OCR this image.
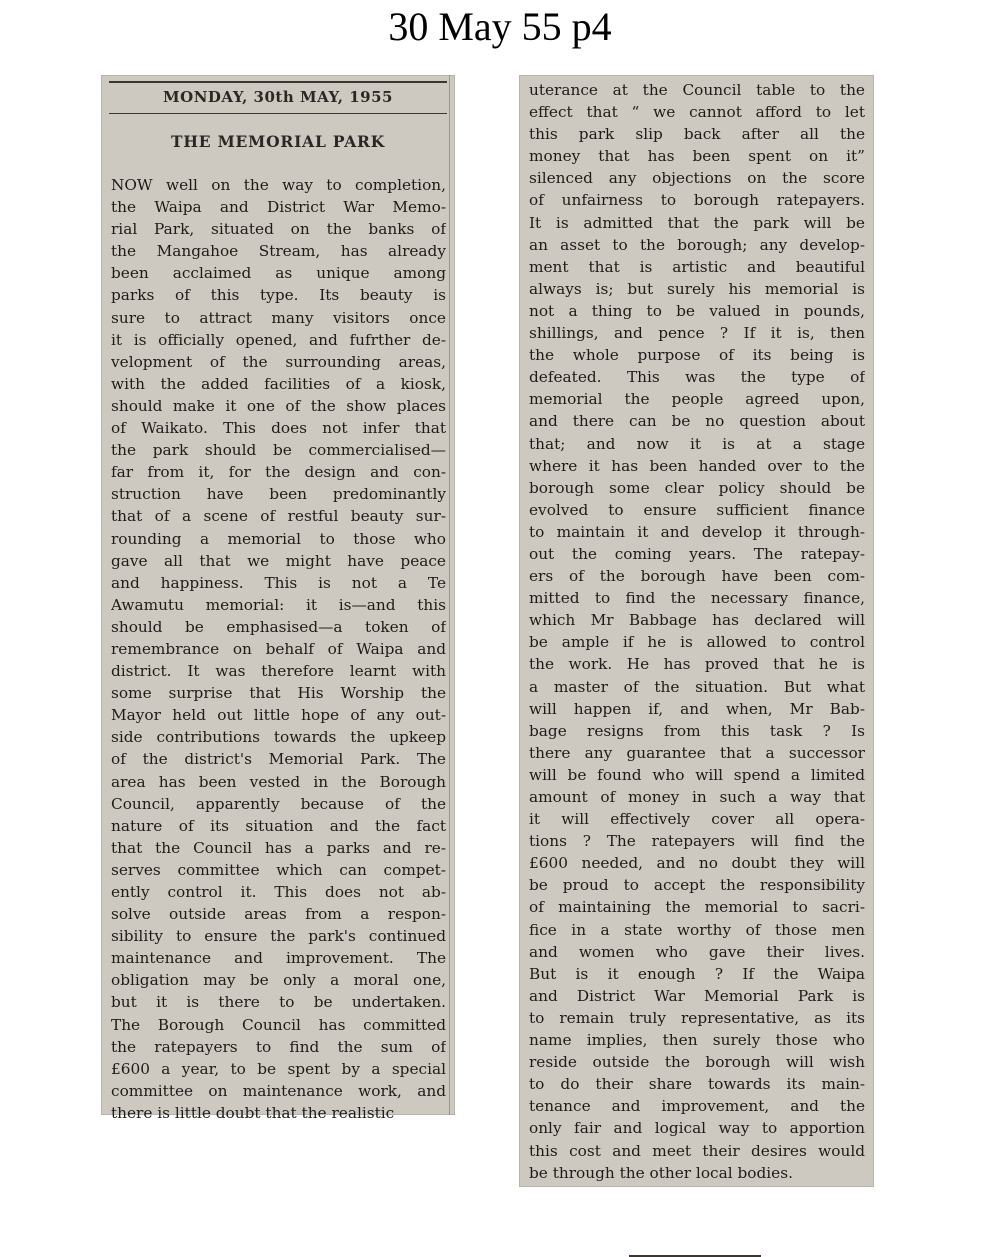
30 May 55 p4
MONDAY, 30th MAY, 1955
THE MEMORIAL PARK
NOW well on the way to completion,
the Waipa and District War Memo-
rial Park, situated on the banks of
the Mangahoe Stream, has already
been acclaimed as unique among
parks of this type. Its beauty is
sure to attract many visitors once
it is officially opened, and fufrther de-
velopment of the surrounding areas,
with the added facilities of a kiosk,
should make it one of the show places
of Waikato. This does not infer that
the park should be commercialised—
far from it, for the design and con-
struction have been predominantly
that of a scene of restful beauty sur-
rounding a memorial to those who
gave all that we might have peace
and happiness. This is not a Te
Awamutu memorial: it is—and this
should be emphasised—a token of
remembrance on behalf of Waipa and
district. It was therefore learnt with
some surprise that His Worship the
Mayor held out little hope of any out-
side contributions towards the upkeep
of the district's Memorial Park. The
area has been vested in the Borough
Council, apparently because of the
nature of its situation and the fact
that the Council has a parks and re-
serves committee which can compet-
ently control it. This does not ab-
solve outside areas from a respon-
sibility to ensure the park's continued
maintenance and improvement. The
obligation may be only a moral one,
but it is there to be undertaken.
The Borough Council has committed
the ratepayers to find the sum of
£600 a year, to be spent by a special
committee on maintenance work, and
there is little doubt that the realistic
uterance at the Council table to the
effect that “ we cannot afford to let
this park slip back after all the
money that has been spent on it”
silenced any objections on the score
of unfairness to borough ratepayers.
It is admitted that the park will be
an asset to the borough; any develop-
ment that is artistic and beautiful
always is; but surely his memorial is
not a thing to be valued in pounds,
shillings, and pence ? If it is, then
the whole purpose of its being is
defeated. This was the type of
memorial the people agreed upon,
and there can be no question about
that; and now it is at a stage
where it has been handed over to the
borough some clear policy should be
evolved to ensure sufficient finance
to maintain it and develop it through-
out the coming years. The ratepay-
ers of the borough have been com-
mitted to find the necessary finance,
which Mr Babbage has declared will
be ample if he is allowed to control
the work. He has proved that he is
a master of the situation. But what
will happen if, and when, Mr Bab-
bage resigns from this task ? Is
there any guarantee that a successor
will be found who will spend a limited
amount of money in such a way that
it will effectively cover all opera-
tions ? The ratepayers will find the
£600 needed, and no doubt they will
be proud to accept the responsibility
of maintaining the memorial to sacri-
fice in a state worthy of those men
and women who gave their lives.
But is it enough ? If the Waipa
and District War Memorial Park is
to remain truly representative, as its
name implies, then surely those who
reside outside the borough will wish
to do their share towards its main-
tenance and improvement, and the
only fair and logical way to apportion
this cost and meet their desires would
be through the other local bodies.
